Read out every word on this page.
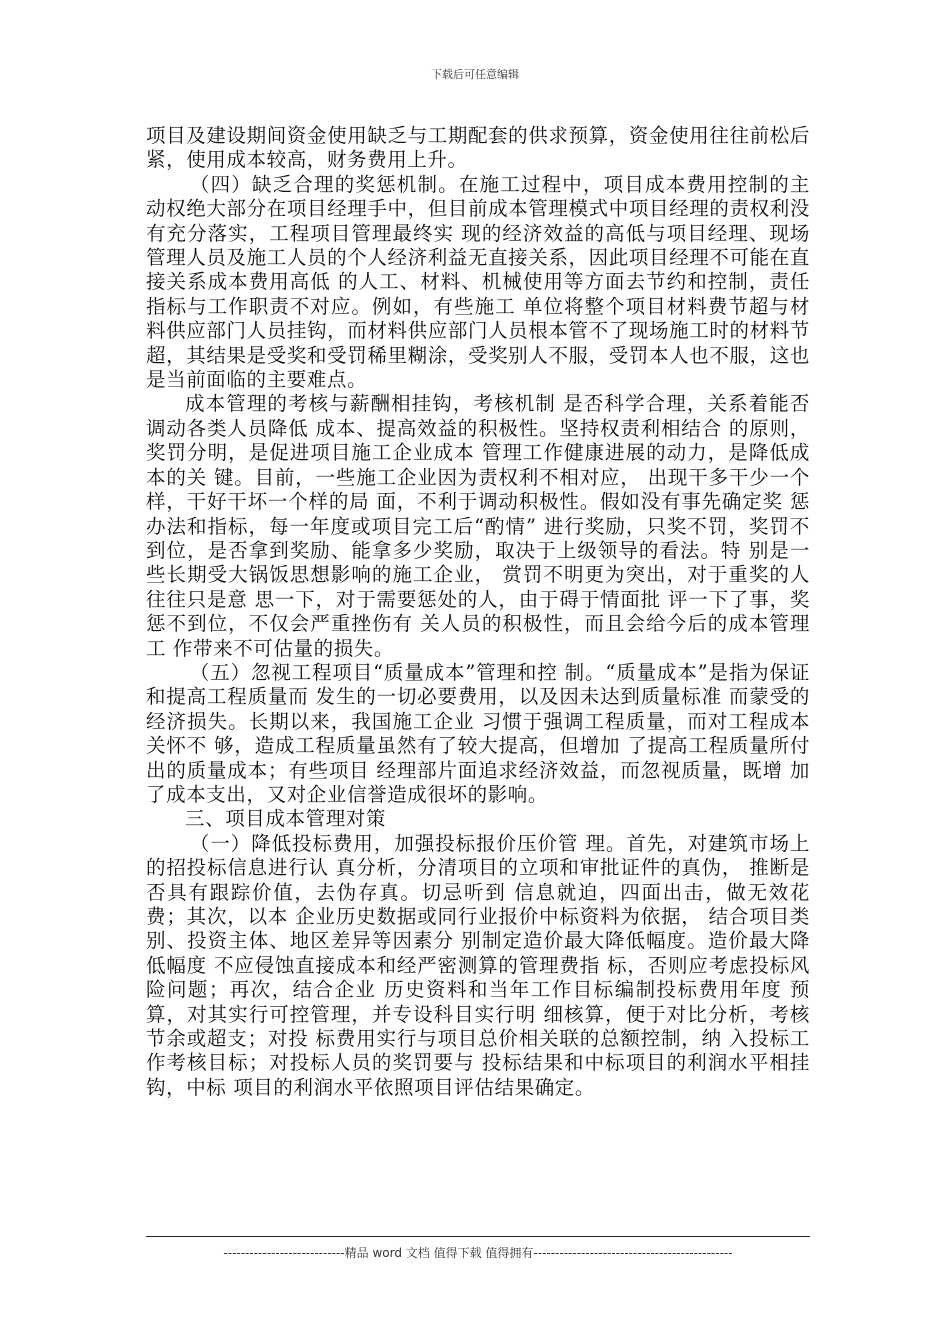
下载后可任意编辑

项目及建设期间资金使用缺乏与工期配套的供求预算，资金使用往往前松后紧，使用成本较高，财务费用上升。

（四）缺乏合理的奖惩机制。在施工过程中，项目成本费用控制的主动权绝大部分在项目经理手中，但目前成本管理模式中项目经理的责权利没有充分落实，工程项目管理最终实 现的经济效益的高低与项目经理、现场管理人员及施工人员的个人经济利益无直接关系，因此项目经理不可能在直接关系成本费用高低 的人工、材料、机械使用等方面去节约和控制，责任指标与工作职责不对应。例如，有些施工 单位将整个项目材料费节超与材料供应部门人员挂钩，而材料供应部门人员根本管不了现场施工时的材料节超，其结果是受奖和受罚稀里糊涂，受奖别人不服，受罚本人也不服，这也是当前面临的主要难点。

成本管理的考核与薪酬相挂钩，考核机制 是否科学合理，关系着能否调动各类人员降低 成本、提高效益的积极性。坚持权责利相结合 的原则，奖罚分明，是促进项目施工企业成本 管理工作健康进展的动力，是降低成本的关 键。目前，一些施工企业因为责权利不相对应， 出现干多干少一个样，干好干坏一个样的局 面，不利于调动积极性。假如没有事先确定奖 惩办法和指标，每一年度或项目完工后“酌情” 进行奖励，只奖不罚，奖罚不到位，是否拿到奖励、能拿多少奖励，取决于上级领导的看法。特 别是一些长期受大锅饭思想影响的施工企业， 赏罚不明更为突出，对于重奖的人往往只是意 思一下，对于需要惩处的人，由于碍于情面批 评一下了事，奖惩不到位，不仅会严重挫伤有 关人员的积极性，而且会给今后的成本管理工 作带来不可估量的损失。

（五）忽视工程项目“质量成本”管理和控 制。“质量成本”是指为保证和提高工程质量而 发生的一切必要费用，以及因未达到质量标准 而蒙受的经济损失。长期以来，我国施工企业 习惯于强调工程质量，而对工程成本关怀不 够，造成工程质量虽然有了较大提高，但增加 了提高工程质量所付出的质量成本；有些项目 经理部片面追求经济效益，而忽视质量，既增 加了成本支出，又对企业信誉造成很坏的影响。

三、项目成本管理对策

（一）降低投标费用，加强投标报价压价管 理。首先，对建筑市场上的招投标信息进行认 真分析，分清项目的立项和审批证件的真伪， 推断是否具有跟踪价值，去伪存真。切忌听到 信息就迫，四面出击，做无效花费；其次，以本 企业历史数据或同行业报价中标资料为依据， 结合项目类别、投资主体、地区差异等因素分 别制定造价最大降低幅度。造价最大降低幅度 不应侵蚀直接成本和经严密测算的管理费指 标，否则应考虑投标风险问题；再次，结合企业 历史资料和当年工作目标编制投标费用年度 预算，对其实行可控管理，并专设科目实行明 细核算，便于对比分析，考核节余或超支；对投 标费用实行与项目总价相关联的总额控制，纳 入投标工作考核目标；对投标人员的奖罚要与 投标结果和中标项目的利润水平相挂钩，中标 项目的利润水平依照项目评估结果确定。

----------------------------精品 word 文档 值得下载 值得拥有----------------------------------------------
